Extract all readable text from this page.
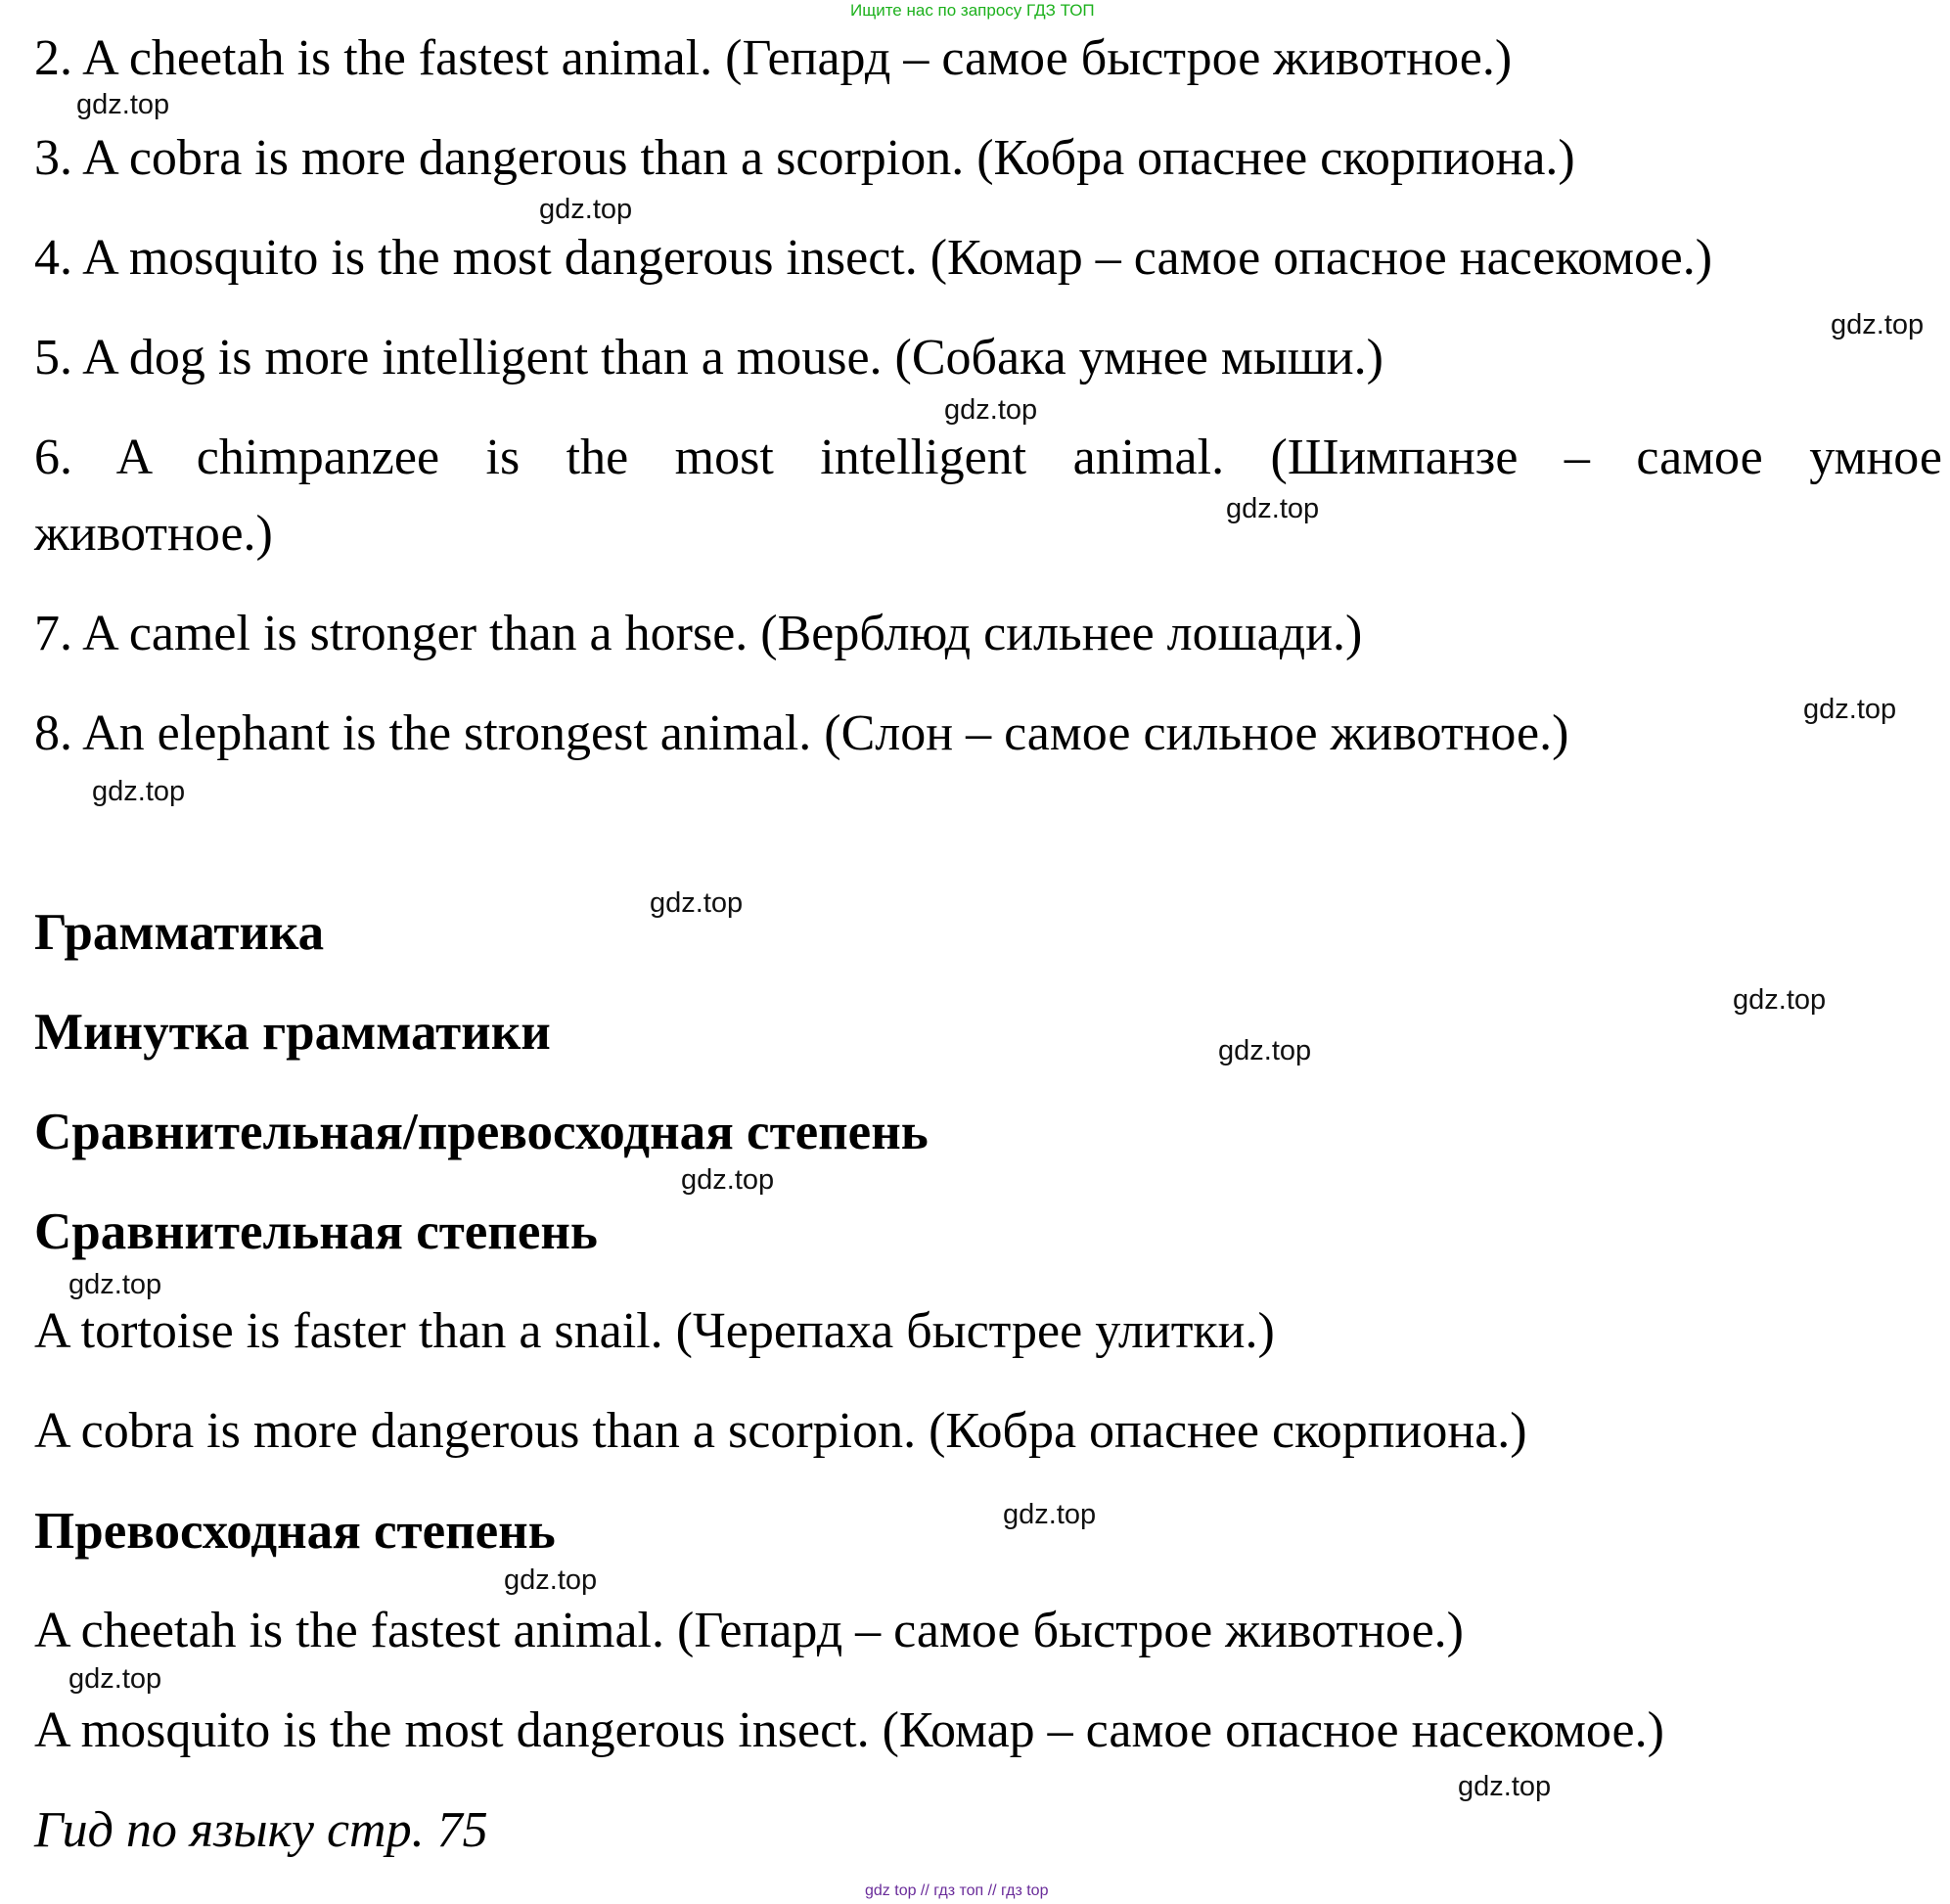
Ищите нас по запросу ГДЗ ТОП

2. A cheetah is the fastest animal. (Гепард – самое быстрое животное.)

3. A cobra is more dangerous than a scorpion. (Кобра опаснее скорпиона.)

4. A mosquito is the most dangerous insect. (Комар – самое опасное насекомое.)

5. A dog is more intelligent than a mouse. (Собака умнее мыши.)

6. A chimpanzee is the most intelligent animal. (Шимпанзе – самое умное

животное.)

7. A camel is stronger than a horse. (Верблюд сильнее лошади.)

8. An elephant is the strongest animal. (Слон – самое сильное животное.)

Грамматика
Минутка грамматики
Сравнительная/превосходная степень
Сравнительная степень

A tortoise is faster than a snail. (Черепаха быстрее улитки.)

A cobra is more dangerous than a scorpion. (Кобра опаснее скорпиона.)

Превосходная степень

A cheetah is the fastest animal. (Гепард – самое быстрое животное.)

A mosquito is the most dangerous insect. (Комар – самое опасное насекомое.)

Гид по языку стр. 75

gdz.top
gdz.top
gdz.top
gdz.top
gdz.top
gdz.top
gdz.top
gdz.top
gdz.top
gdz.top
gdz.top
gdz.top
gdz.top
gdz.top
gdz.top
gdz.top
gdz top // гдз топ // гдз top
